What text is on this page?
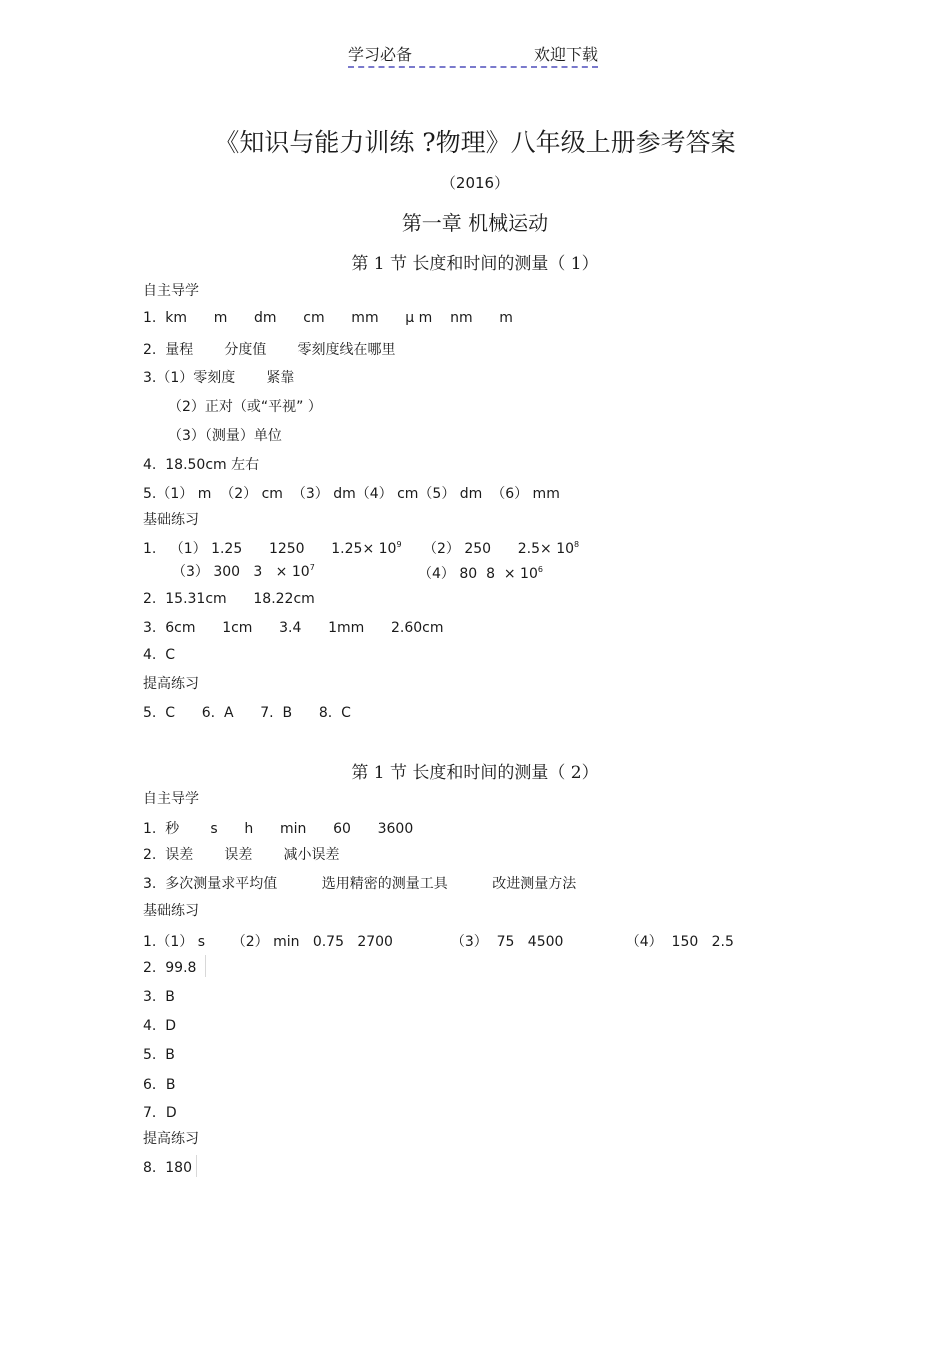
学习必备	欢迎下载
《知识与能力训练 ?物理》八年级上册参考答案
（2016）
第一章 机械运动
第 1 节 长度和时间的测量（ 1）
自主导学
1.  km      m      dm      cm      mm      μ m    nm      m
2.  量程       分度值       零刻度线在哪里
3.（1）零刻度       紧靠
（2）正对（或“平视” ）
（3）（测量）单位
4.  18.50cm 左右
5.（1） m  （2） cm  （3） dm（4） cm（5） dm  （6） mm
基础练习
1.   （1） 1.25      1250      $1.25\times 10^9$ （2） 250      $2.5\times 10^8$
（3） 300   $3 \times 10^7$	（4） 80  $8 \times 10^6$
2.  15.31cm      18.22cm
3.  6cm      1cm      3.4      1mm      2.60cm
4.  C
提高练习
5.  C      6.  A      7.  B      8.  C
第 1 节 长度和时间的测量（ 2）
自主导学
1.  秒       s      h      min      60      3600
2.  误差       误差       减小误差
3.  多次测量求平均值          选用精密的测量工具          改进测量方法
基础练习
1.（1） s      （2） min   0.75   2700             （3）  75   4500              （4）  150   2.5
2.  99.8
3.  B
4.  D
5.  B
6．B
7．D
提高练习
8.  180
